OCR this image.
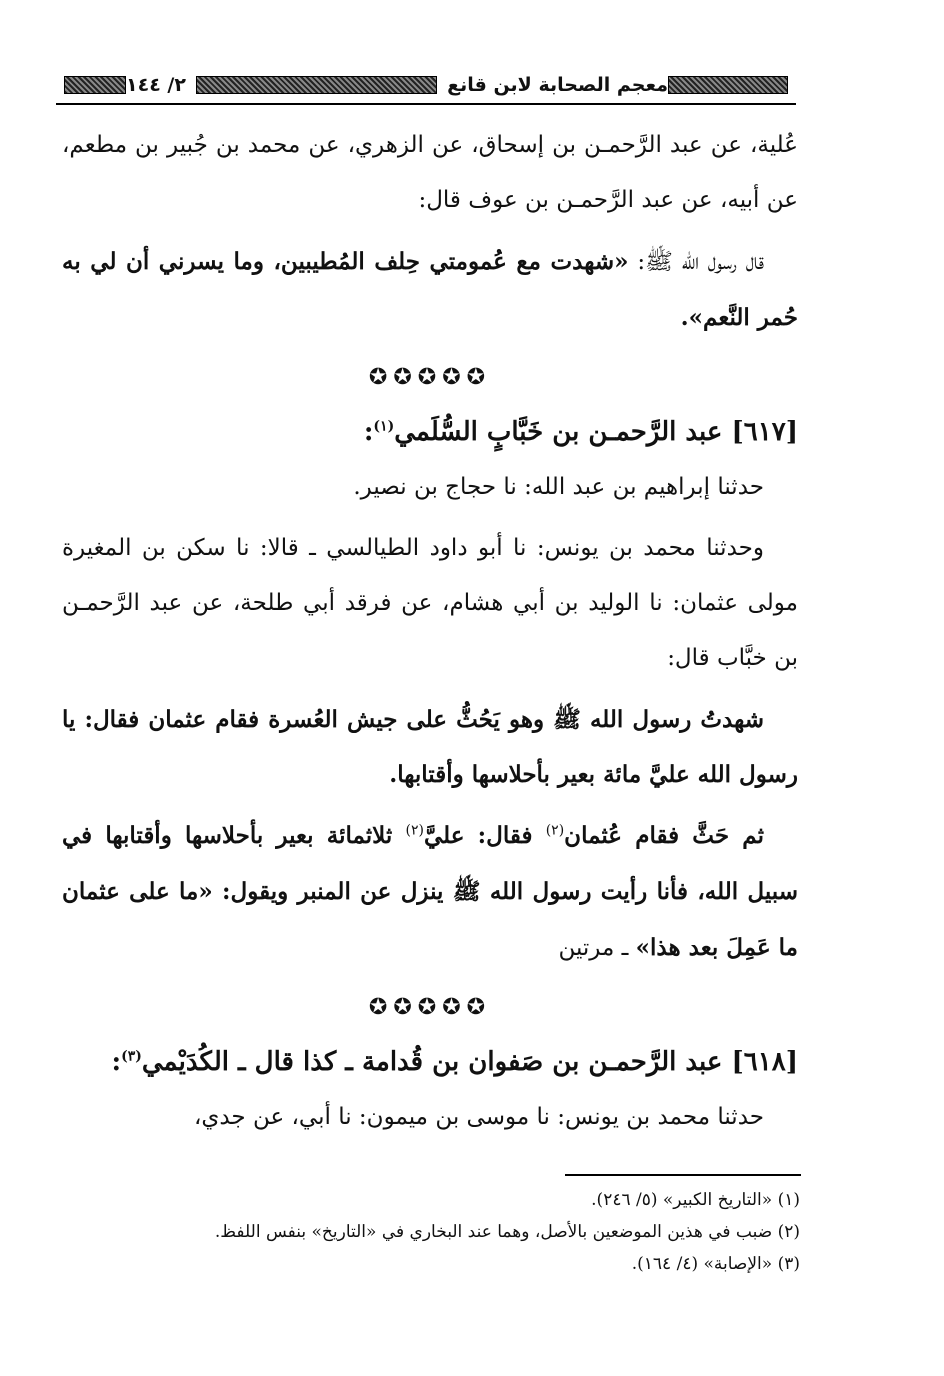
٢/ ١٤٤	معجم الصحابة لابن قانع

عُلية، عن عبد الرَّحمـن بن إسحاق، عن الزهري، عن محمد بن جُبير بن مطعم، عن أبيه، عن عبد الرَّحمـن بن عوف قال:

قال رسول الله ﷺ: «شهدت مع عُمومتي حِلف المُطيبين، وما يسرني أن لي به حُمر النَّعم».

✪✪✪✪✪

[٦١٧] عبد الرَّحمـن بن خَبَّابٍ السُّلَمي$^{(١)}$:

حدثنا إبراهيم بن عبد الله: نا حجاج بن نصير.

وحدثنا محمد بن يونس: نا أبو داود الطيالسي ـ قالا: نا سكن بن المغيرة مولى عثمان: نا الوليد بن أبي هشام، عن فرقد أبي طلحة، عن عبد الرَّحمـن بن خبَّاب قال:

شهدتُ رسول الله ﷺ وهو يَحُثُّ على جيش العُسرة فقام عثمان فقال: يا رسول الله عليَّ مائة بعير بأحلاسها وأقتابها.

ثم حَثَّ فقام عُثمان$^{(٢)}$ فقال: عليَّ$^{(٢)}$ ثلاثمائة بعير بأحلاسها وأقتابها في سبيل الله، فأنا رأيت رسول الله ﷺ ينزل عن المنبر ويقول: «ما على عثمان ما عَمِلَ بعد هذا» ـ مرتين

✪✪✪✪✪

[٦١٨] عبد الرَّحمـن بن صَفوان بن قُدامة ـ كذا قال ـ الكُدَيْمي$^{(٣)}$:

حدثنا محمد بن يونس: نا موسى بن ميمون: نا أبي، عن جدي،

(١) «التاريخ الكبير» (٥/ ٢٤٦).

(٢) ضبب في هذين الموضعين بالأصل، وهما عند البخاري في «التاريخ» بنفس اللفظ.

(٣) «الإصابة» (٤/ ١٦٤).
